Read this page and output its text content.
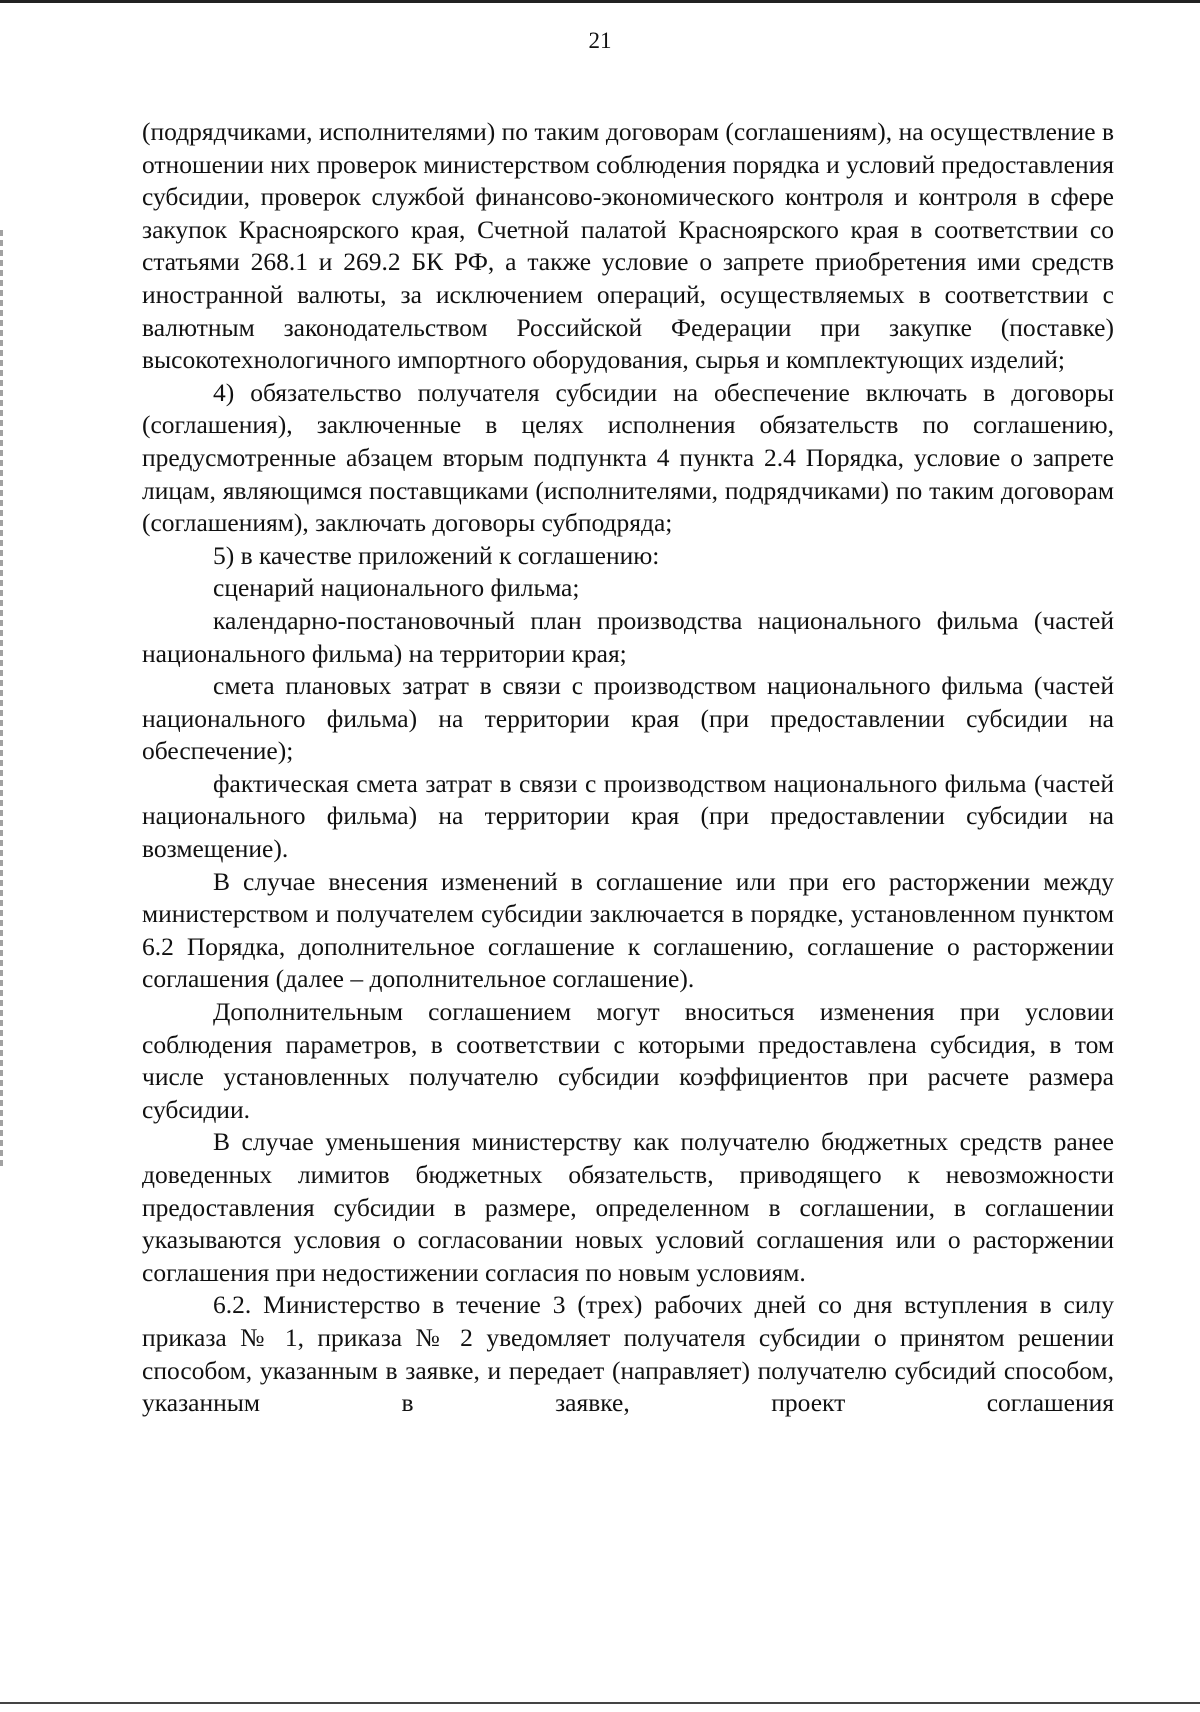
21

(подрядчиками, исполнителями) по таким договорам (соглашениям), на осуществление в отношении них проверок министерством соблюдения порядка и условий предоставления субсидии, проверок службой финансово-экономического контроля и контроля в сфере закупок Красноярского края, Счетной палатой Красноярского края в соответствии со статьями 268.1 и 269.2 БК РФ, а также условие о запрете приобретения ими средств иностранной валюты, за исключением операций, осуществляемых в соответствии с валютным законодательством Российской Федерации при закупке (поставке) высокотехнологичного импортного оборудования, сырья и комплектующих изделий;

4) обязательство получателя субсидии на обеспечение включать в договоры (соглашения), заключенные в целях исполнения обязательств по соглашению, предусмотренные абзацем вторым подпункта 4 пункта 2.4 Порядка, условие о запрете лицам, являющимся поставщиками (исполнителями, подрядчиками) по таким договорам (соглашениям), заключать договоры субподряда;

5) в качестве приложений к соглашению:

сценарий национального фильма;

календарно-постановочный план производства национального фильма (частей национального фильма) на территории края;

смета плановых затрат в связи с производством национального фильма (частей национального фильма) на территории края (при предоставлении субсидии на обеспечение);

фактическая смета затрат в связи с производством национального фильма (частей национального фильма) на территории края (при предоставлении субсидии на возмещение).

В случае внесения изменений в соглашение или при его расторжении между министерством и получателем субсидии заключается в порядке, установленном пунктом 6.2 Порядка, дополнительное соглашение к соглашению, соглашение о расторжении соглашения (далее – дополнительное соглашение).

Дополнительным соглашением могут вноситься изменения при условии соблюдения параметров, в соответствии с которыми предоставлена субсидия, в том числе установленных получателю субсидии коэффициентов при расчете размера субсидии.

В случае уменьшения министерству как получателю бюджетных средств ранее доведенных лимитов бюджетных обязательств, приводящего к невозможности предоставления субсидии в размере, определенном в соглашении, в соглашении указываются условия о согласовании новых условий соглашения или о расторжении соглашения при недостижении согласия по новым условиям.

6.2. Министерство в течение 3 (трех) рабочих дней со дня вступления в силу приказа № 1, приказа № 2 уведомляет получателя субсидии о принятом решении способом, указанным в заявке, и передает (направляет) получателю субсидий способом, указанным в заявке, проект соглашения
